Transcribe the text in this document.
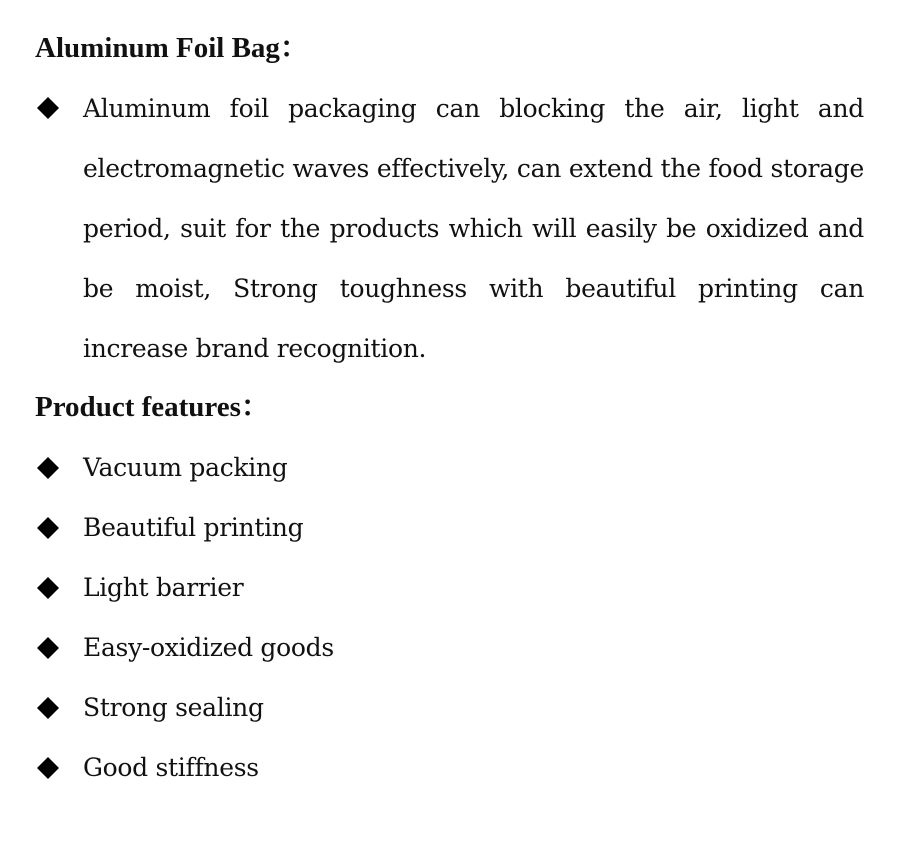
Aluminum Foil Bag：
Aluminum foil packaging can blocking the air, light and electromagnetic waves effectively, can extend the food storage period, suit for the products which will easily be oxidized and be moist, Strong toughness with beautiful printing can increase brand recognition.
Product features：
Vacuum packing
Beautiful printing
Light barrier
Easy-oxidized goods
Strong sealing
Good stiffness
